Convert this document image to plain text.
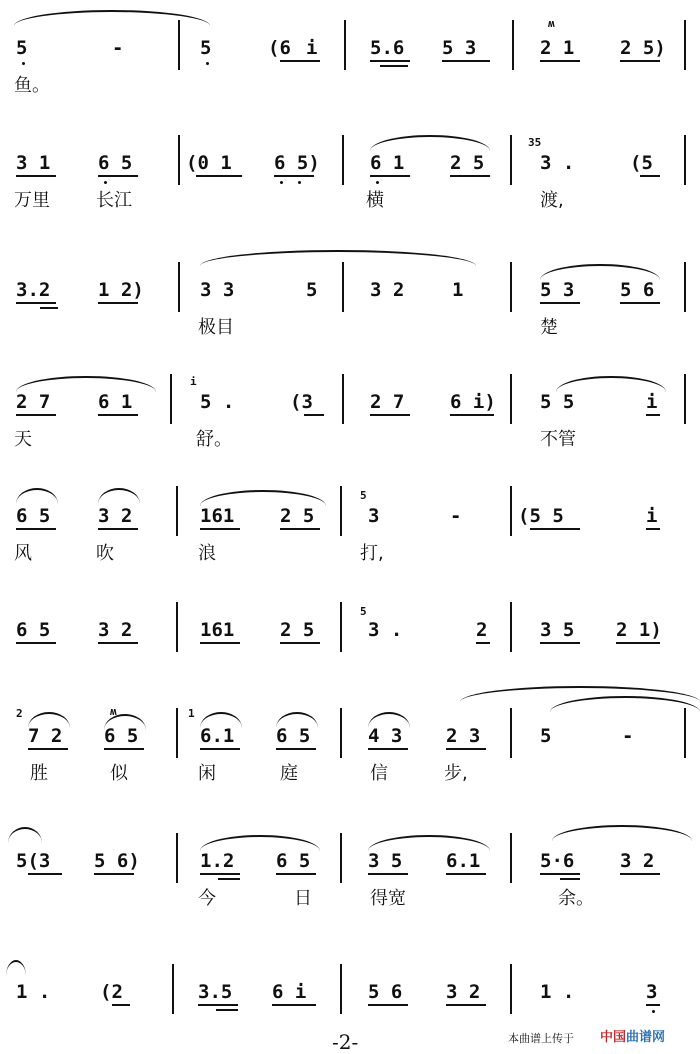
5	-	5	(6 i	5.6 5 3
ʍ
2 1 2 5)
鱼。
3 1	6 5	(0 1 6 5)	6 1 2 5
35
3 .	(5
万里	长江	横	渡,
3.2	1 2)	3 3	5	3 2	1	5 3 5 6
极目	楚
2 7	6 1
i
5 .	(3	2 7 6 i) 5 5	i
天	舒。	不管
6 5	3 2	161 2 5
5
3	-	(5 5	i
风	吹	浪	打,
6 5	3 2	161 2 5
5
3 .	2	3 5 2 1)
2
7 2
ʍ
6 5
1
6.1 6 5	4 3 2 3	5	-
胜	似	闲	庭	信	步,
5(3 5 6)	1.2 6 5	3 5 6.1	5·6 3 2
今	日	得宽	余。
1 .	(2	3.5 6 i	5 6 3 2	1 .	3
-2-	本曲谱上传于 中国曲谱网
